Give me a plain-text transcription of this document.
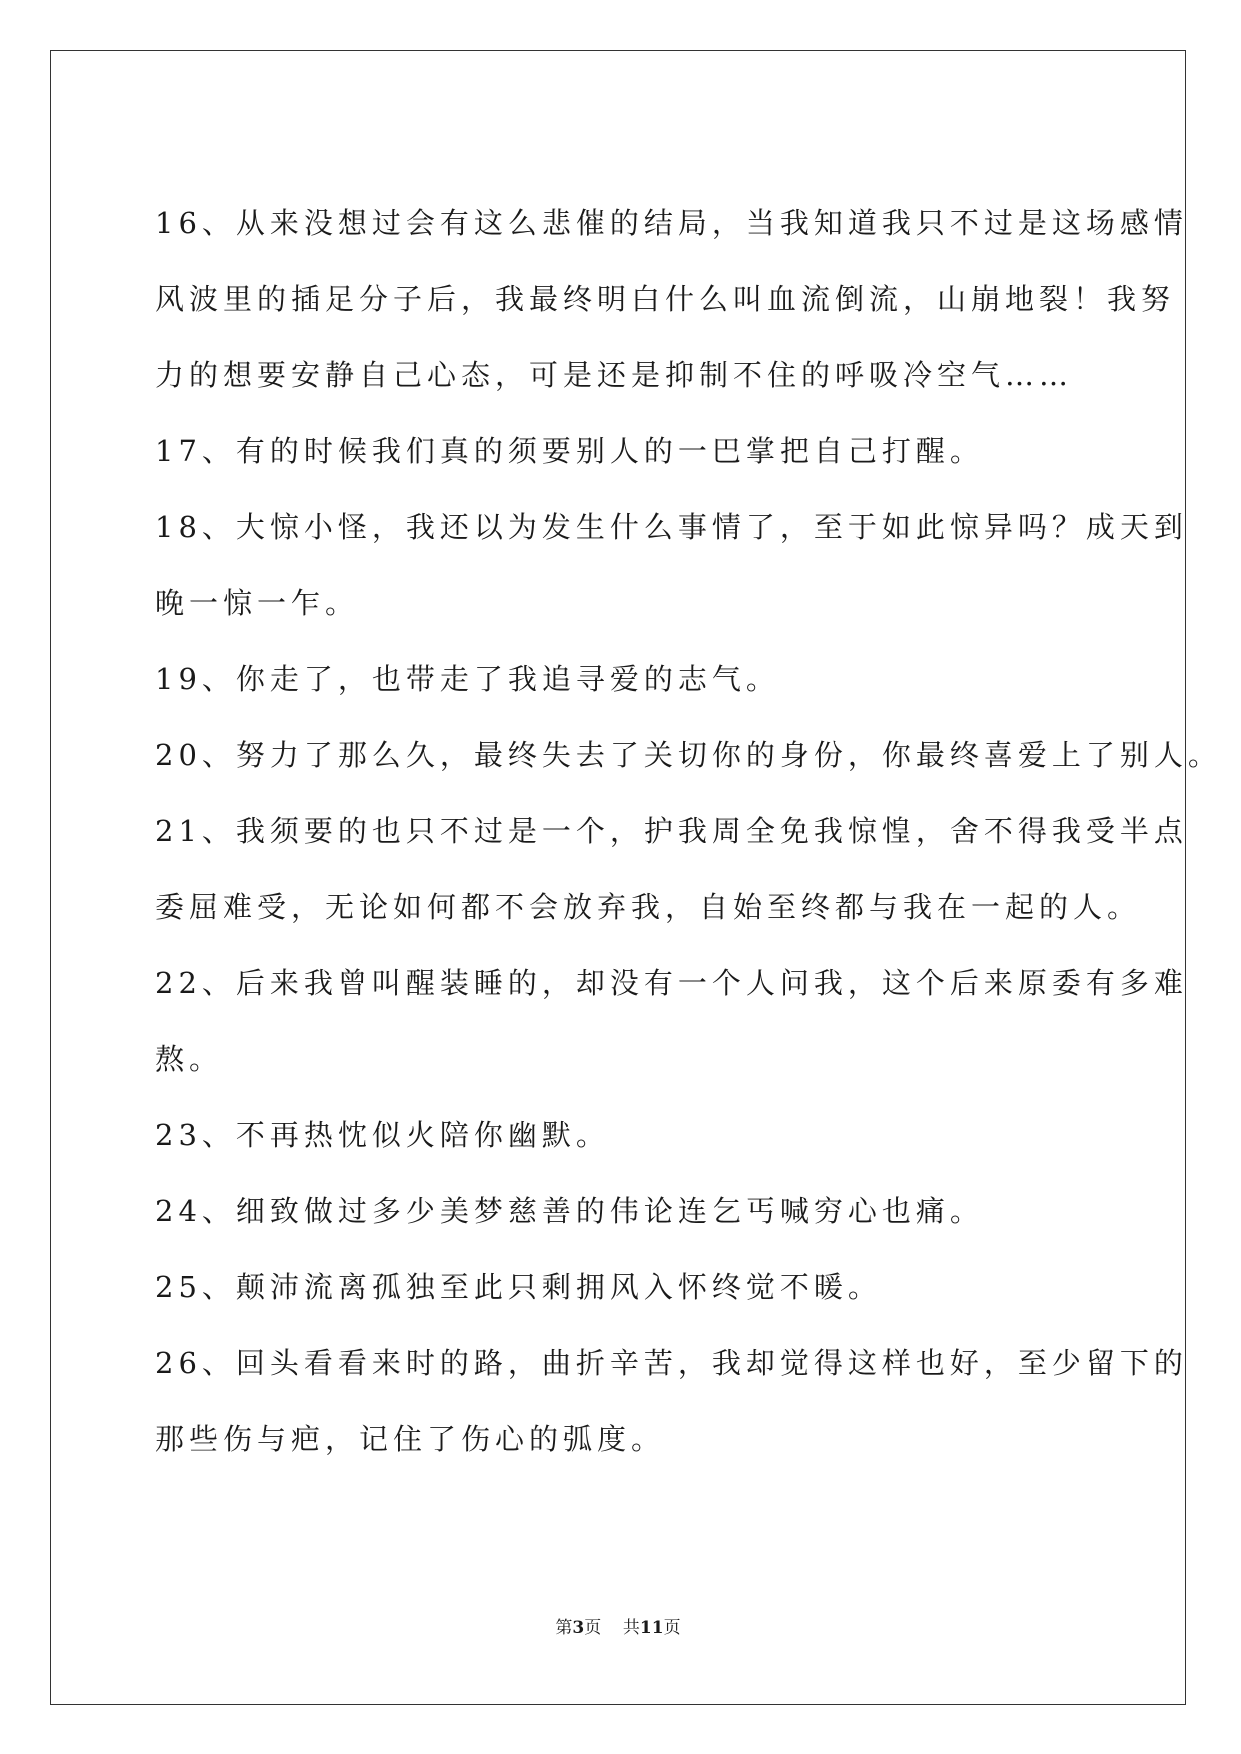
16、从来没想过会有这么悲催的结局，当我知道我只不过是这场感情
风波里的插足分子后，我最终明白什么叫血流倒流，山崩地裂！我努
力的想要安静自己心态，可是还是抑制不住的呼吸冷空气……
17、有的时候我们真的须要别人的一巴掌把自己打醒。
18、大惊小怪，我还以为发生什么事情了，至于如此惊异吗？成天到
晚一惊一乍。
19、你走了，也带走了我追寻爱的志气。
20、努力了那么久，最终失去了关切你的身份，你最终喜爱上了别人。
21、我须要的也只不过是一个，护我周全免我惊惶，舍不得我受半点
委屈难受，无论如何都不会放弃我，自始至终都与我在一起的人。
22、后来我曾叫醒装睡的，却没有一个人问我，这个后来原委有多难
熬。
23、不再热忱似火陪你幽默。
24、细致做过多少美梦慈善的伟论连乞丐喊穷心也痛。
25、颠沛流离孤独至此只剩拥风入怀终觉不暖。
26、回头看看来时的路，曲折辛苦，我却觉得这样也好，至少留下的
那些伤与疤，记住了伤心的弧度。
第3页 共11页
